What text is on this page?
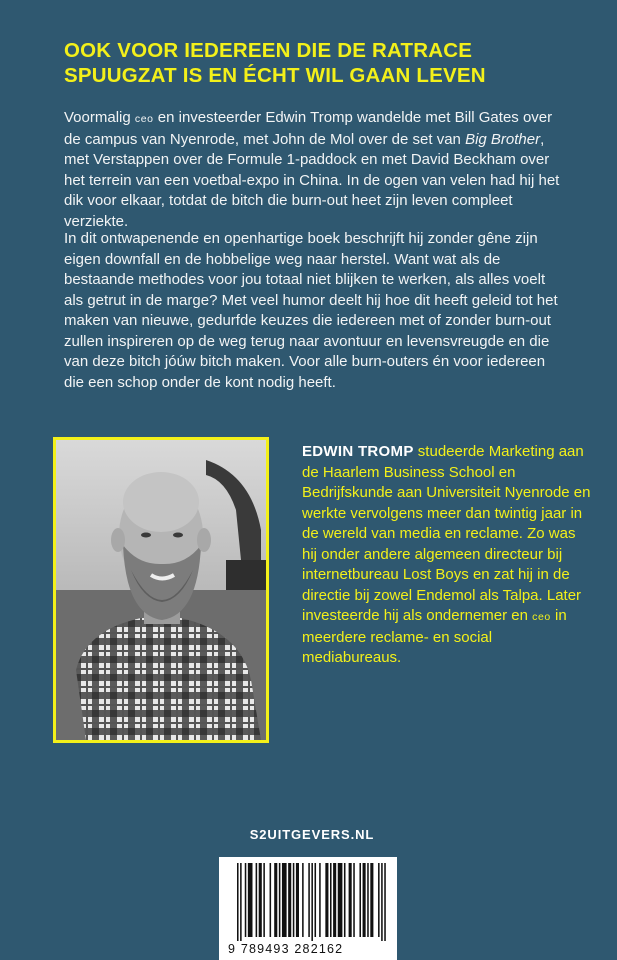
OOK VOOR IEDEREEN DIE DE RATRACE
SPUUGZAT IS EN ÉCHT WIL GAAN LEVEN

Voormalig ceo en investeerder Edwin Tromp wandelde met Bill Gates over de campus van Nyenrode, met John de Mol over de set van Big Brother, met Verstappen over de Formule 1-paddock en met David Beckham over het terrein van een voetbal-expo in China. In de ogen van velen had hij het dik voor elkaar, totdat de bitch die burn-out heet zijn leven compleet verziekte.

In dit ontwapenende en openhartige boek beschrijft hij zonder gêne zijn eigen downfall en de hobbelige weg naar herstel. Want wat als de bestaande methodes voor jou totaal niet blijken te werken, als alles voelt als getrut in de marge? Met veel humor deelt hij hoe dit heeft geleid tot het maken van nieuwe, gedurfde keuzes die iedereen met of zonder burn-out zullen inspireren op de weg terug naar avontuur en levensvreugde en die van deze bitch jóúw bitch maken. Voor alle burn-outers én voor iedereen die een schop onder de kont nodig heeft.

EDWIN TROMP studeerde Marketing aan de Haarlem Business School en Bedrijfskunde aan Universiteit Nyenrode en werkte vervolgens meer dan twintig jaar in de wereld van media en reclame. Zo was hij onder andere algemeen directeur bij internetbureau Lost Boys en zat hij in de directie bij zowel Endemol als Talpa. Later investeerde hij als ondernemer en ceo in meerdere reclame- en social mediabureaus.

S2UITGEVERS.NL
9 789493 282162
